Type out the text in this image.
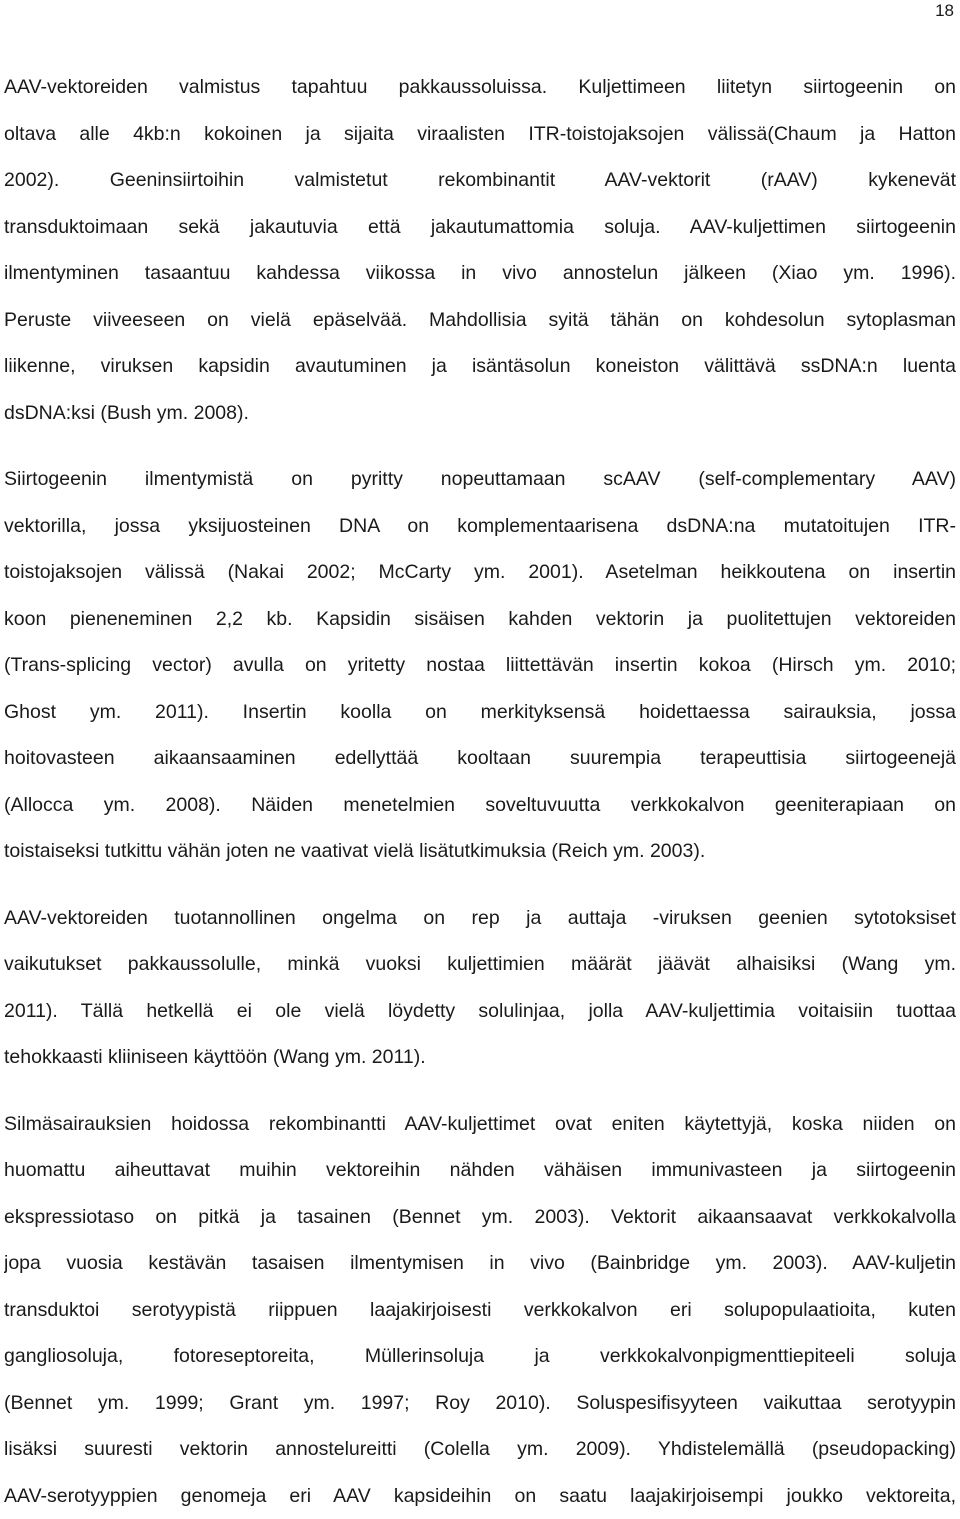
18
AAV-vektoreiden valmistus tapahtuu pakkaussoluissa. Kuljettimeen liitetyn siirtogeenin on
oltava alle 4kb:n kokoinen ja sijaita viraalisten ITR-toistojaksojen välissä(Chaum ja Hatton
2002). Geeninsiirtoihin valmistetut rekombinantit AAV-vektorit (rAAV) kykenevät
transduktoimaan sekä jakautuvia että jakautumattomia soluja. AAV-kuljettimen siirtogeenin
ilmentyminen tasaantuu kahdessa viikossa in vivo annostelun jälkeen (Xiao ym. 1996).
Peruste viiveeseen on vielä epäselvää. Mahdollisia syitä tähän on kohdesolun sytoplasman
liikenne, viruksen kapsidin avautuminen ja isäntäsolun koneiston välittävä ssDNA:n luenta
dsDNA:ksi (Bush ym. 2008).
Siirtogeenin ilmentymistä on pyritty nopeuttamaan scAAV (self-complementary AAV)
vektorilla, jossa yksijuosteinen DNA on komplementaarisena dsDNA:na mutatoitujen ITR-
toistojaksojen välissä (Nakai 2002; McCarty ym. 2001). Asetelman heikkoutena on insertin
koon pieneneminen 2,2 kb. Kapsidin sisäisen kahden vektorin ja puolitettujen vektoreiden
(Trans-splicing vector) avulla on yritetty nostaa liittettävän insertin kokoa (Hirsch ym. 2010;
Ghost ym. 2011). Insertin koolla on merkityksensä hoidettaessa sairauksia, jossa
hoitovasteen aikaansaaminen edellyttää kooltaan suurempia terapeuttisia siirtogeenejä
(Allocca ym. 2008). Näiden menetelmien soveltuvuutta verkkokalvon geeniterapiaan on
toistaiseksi tutkittu vähän joten ne vaativat vielä lisätutkimuksia (Reich ym. 2003).
AAV-vektoreiden tuotannollinen ongelma on rep ja auttaja -viruksen geenien sytotoksiset
vaikutukset pakkaussolulle, minkä vuoksi kuljettimien määrät jäävät alhaisiksi (Wang ym.
2011). Tällä hetkellä ei ole vielä löydetty solulinjaa, jolla AAV-kuljettimia voitaisiin tuottaa
tehokkaasti kliiniseen käyttöön (Wang ym. 2011).
Silmäsairauksien hoidossa rekombinantti AAV-kuljettimet ovat eniten käytettyjä, koska niiden on
huomattu aiheuttavat muihin vektoreihin nähden vähäisen immunivasteen ja siirtogeenin
ekspressiotaso on pitkä ja tasainen (Bennet ym. 2003). Vektorit aikaansaavat verkkokalvolla
jopa vuosia kestävän tasaisen ilmentymisen in vivo (Bainbridge ym. 2003). AAV-kuljetin
transduktoi serotyypistä riippuen laajakirjoisesti verkkokalvon eri solupopulaatioita, kuten
gangliosoluja, fotoreseptoreita, Müllerinsoluja ja verkkokalvonpigmenttiepiteeli soluja
(Bennet ym. 1999; Grant ym. 1997; Roy 2010). Soluspesifisyyteen vaikuttaa serotyypin
lisäksi suuresti vektorin annostelureitti (Colella ym. 2009). Yhdistelemällä (pseudopacking)
AAV-serotyyppien genomeja eri AAV kapsideihin on saatu laajakirjoisempi joukko vektoreita,
